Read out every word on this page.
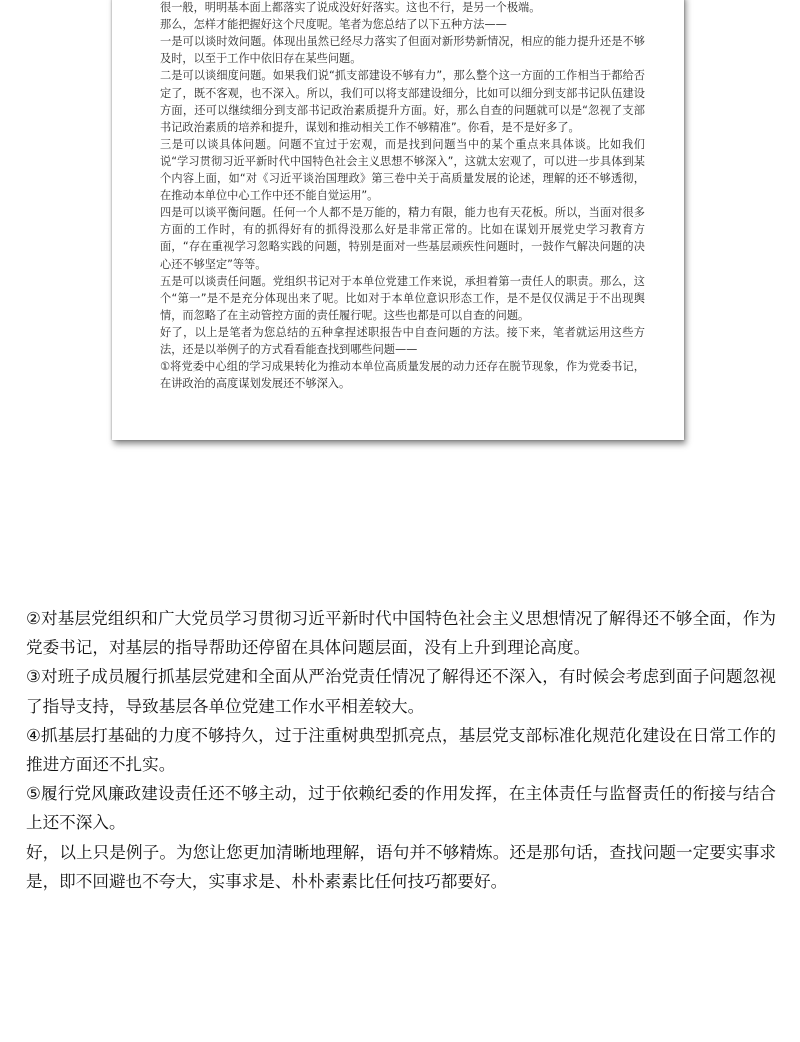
很一般，明明基本面上都落实了说成没好好落实。这也不行，是另一个极端。

那么，怎样才能把握好这个尺度呢。笔者为您总结了以下五种方法——

一是可以谈时效问题。体现出虽然已经尽力落实了但面对新形势新情况，相应的能力提升还是不够及时，以至于工作中依旧存在某些问题。

二是可以谈细度问题。如果我们说“抓支部建设不够有力”，那么整个这一方面的工作相当于都给否定了，既不客观，也不深入。所以，我们可以将支部建设细分，比如可以细分到支部书记队伍建设方面，还可以继续细分到支部书记政治素质提升方面。好，那么自查的问题就可以是“忽视了支部书记政治素质的培养和提升，谋划和推动相关工作不够精准”。你看，是不是好多了。

三是可以谈具体问题。问题不宜过于宏观，而是找到问题当中的某个重点来具体谈。比如我们说“学习贯彻习近平新时代中国特色社会主义思想不够深入”，这就太宏观了，可以进一步具体到某个内容上面，如“对《习近平谈治国理政》第三卷中关于高质量发展的论述，理解的还不够透彻，在推动本单位中心工作中还不能自觉运用”。

四是可以谈平衡问题。任何一个人都不是万能的，精力有限，能力也有天花板。所以，当面对很多方面的工作时，有的抓得好有的抓得没那么好是非常正常的。比如在谋划开展党史学习教育方面，“存在重视学习忽略实践的问题，特别是面对一些基层顽疾性问题时，一鼓作气解决问题的决心还不够坚定”等等。

五是可以谈责任问题。党组织书记对于本单位党建工作来说，承担着第一责任人的职责。那么，这个“第一”是不是充分体现出来了呢。比如对于本单位意识形态工作，是不是仅仅满足于不出现舆情，而忽略了在主动管控方面的责任履行呢。这些也都是可以自查的问题。

好了，以上是笔者为您总结的五种拿捏述职报告中自查问题的方法。接下来，笔者就运用这些方法，还是以举例子的方式看看能查找到哪些问题——

①将党委中心组的学习成果转化为推动本单位高质量发展的动力还存在脱节现象，作为党委书记，在讲政治的高度谋划发展还不够深入。

②对基层党组织和广大党员学习贯彻习近平新时代中国特色社会主义思想情况了解得还不够全面，作为党委书记，对基层的指导帮助还停留在具体问题层面，没有上升到理论高度。

③对班子成员履行抓基层党建和全面从严治党责任情况了解得还不深入，有时候会考虑到面子问题忽视了指导支持，导致基层各单位党建工作水平相差较大。

④抓基层打基础的力度不够持久，过于注重树典型抓亮点，基层党支部标准化规范化建设在日常工作的推进方面还不扎实。

⑤履行党风廉政建设责任还不够主动，过于依赖纪委的作用发挥，在主体责任与监督责任的衔接与结合上还不深入。

好，以上只是例子。为您让您更加清晰地理解，语句并不够精炼。还是那句话，查找问题一定要实事求是，即不回避也不夸大，实事求是、朴朴素素比任何技巧都要好。
